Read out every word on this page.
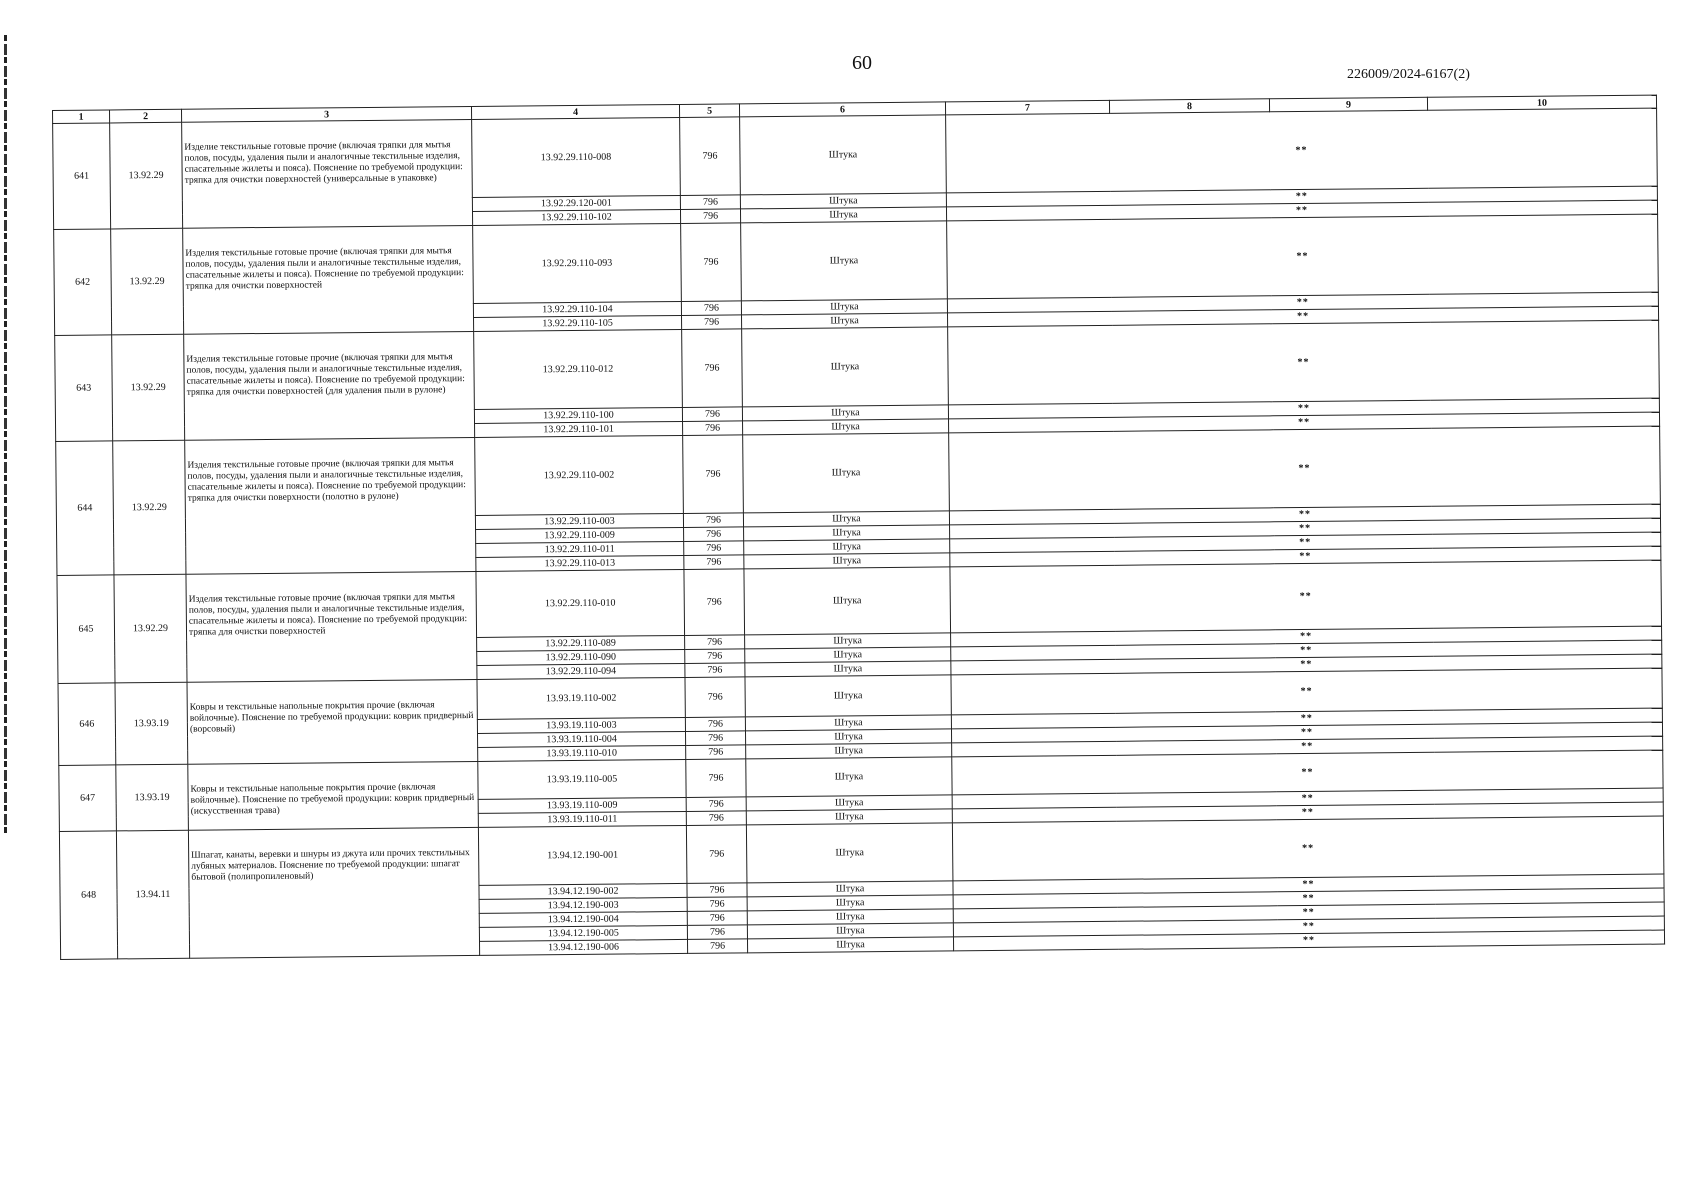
60
226009/2024-6167(2)
1	2	3	4	5	6	7	8	9	10
641	13.92.29	Изделие текстильные готовые прочие (включая тряпки для мытья полов, посуды, удаления пыли и аналогичные текстильные изделия, спасательные жилеты и пояса). Пояснение по требуемой продукции: тряпка для очистки поверхностей (универсальные в упаковке)	13.92.29.110-008	796	Штука	**			
			13.92.29.120-001	796	Штука	**			
			13.92.29.110-102	796	Штука	**			
642	13.92.29	Изделия текстильные готовые прочие (включая тряпки для мытья полов, посуды, удаления пыли и аналогичные текстильные изделия, спасательные жилеты и пояса). Пояснение по требуемой продукции: тряпка для очистки поверхностей	13.92.29.110-093	796	Штука	**			
			13.92.29.110-104	796	Штука	**			
			13.92.29.110-105	796	Штука	**			
643	13.92.29	Изделия текстильные готовые прочие (включая тряпки для мытья полов, посуды, удаления пыли и аналогичные текстильные изделия, спасательные жилеты и пояса). Пояснение по требуемой продукции: тряпка для очистки поверхностей (для удаления пыли в рулоне)	13.92.29.110-012	796	Штука	**			
			13.92.29.110-100	796	Штука	**			
			13.92.29.110-101	796	Штука	**			
644	13.92.29	Изделия текстильные готовые прочие (включая тряпки для мытья полов, посуды, удаления пыли и аналогичные текстильные изделия, спасательные жилеты и пояса). Пояснение по требуемой продукции: тряпка для очистки поверхности (полотно в рулоне)	13.92.29.110-002	796	Штука	**			
			13.92.29.110-003	796	Штука	**			
			13.92.29.110-009	796	Штука	**			
			13.92.29.110-011	796	Штука	**			
			13.92.29.110-013	796	Штука	**			
645	13.92.29	Изделия текстильные готовые прочие (включая тряпки для мытья полов, посуды, удаления пыли и аналогичные текстильные изделия, спасательные жилеты и пояса). Пояснение по требуемой продукции: тряпка для очистки поверхностей	13.92.29.110-010	796	Штука	**			
			13.92.29.110-089	796	Штука	**			
			13.92.29.110-090	796	Штука	**			
			13.92.29.110-094	796	Штука	**			
646	13.93.19	Ковры и текстильные напольные покрытия прочие (включая войлочные). Пояснение по требуемой продукции: коврик придверный (ворсовый)	13.93.19.110-002	796	Штука	**			
			13.93.19.110-003	796	Штука	**			
			13.93.19.110-004	796	Штука	**			
			13.93.19.110-010	796	Штука	**			
647	13.93.19	Ковры и текстильные напольные покрытия прочие (включая войлочные). Пояснение по требуемой продукции: коврик придверный (искусственная трава)	13.93.19.110-005	796	Штука	**			
			13.93.19.110-009	796	Штука	**			
			13.93.19.110-011	796	Штука	**			
648	13.94.11	Шпагат, канаты, веревки и шнуры из джута или прочих текстильных лубяных материалов. Пояснение по требуемой продукции: шпагат бытовой (полипропиленовый)	13.94.12.190-001	796	Штука	**			
			13.94.12.190-002	796	Штука	**			
			13.94.12.190-003	796	Штука	**			
			13.94.12.190-004	796	Штука	**			
			13.94.12.190-005	796	Штука	**			
			13.94.12.190-006	796	Штука	**			
